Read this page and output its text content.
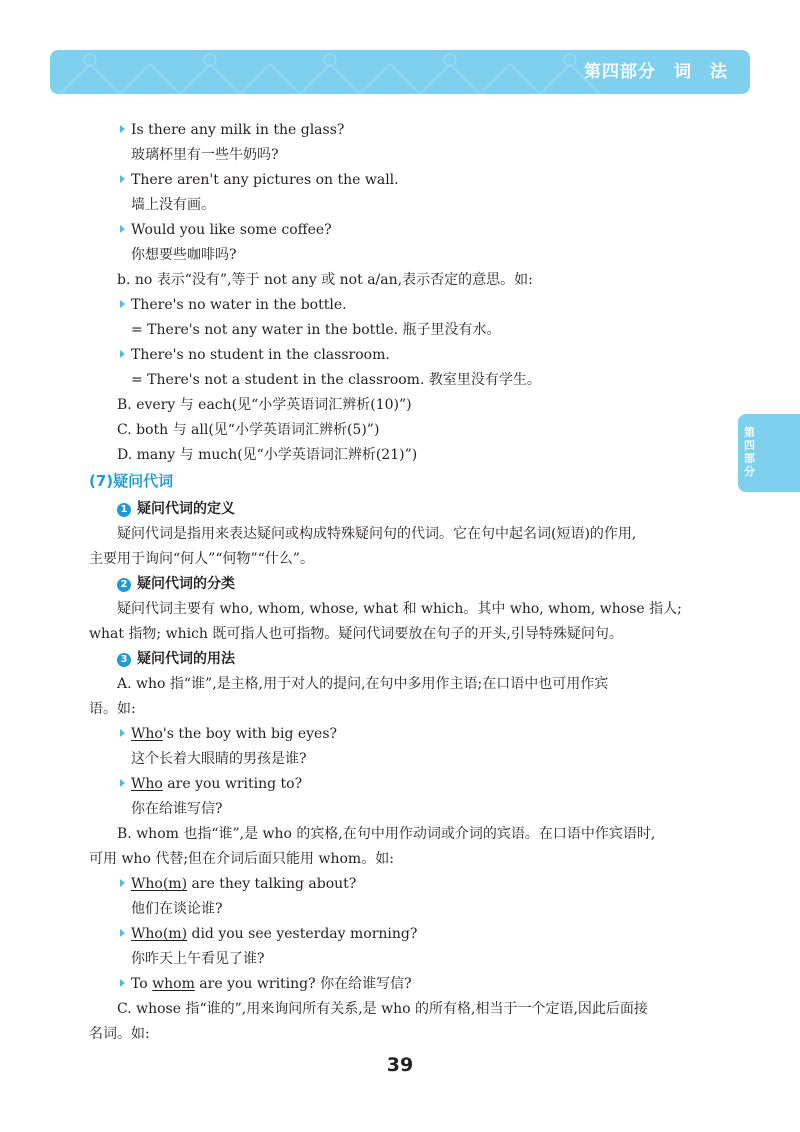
第四部分　词　法
第四部分
Is there any milk in the glass?
玻璃杯里有一些牛奶吗?
There aren't any pictures on the wall.
墙上没有画。
Would you like some coffee?
你想要些咖啡吗?
b. no 表示“没有”,等于 not any 或 not a/an,表示否定的意思。如:
There's no water in the bottle.
= There's not any water in the bottle. 瓶子里没有水。
There's no student in the classroom.
= There's not a student in the classroom. 教室里没有学生。
B. every 与 each(见“小学英语词汇辨析(10)”)
C. both 与 all(见“小学英语词汇辨析(5)”)
D. many 与 much(见“小学英语词汇辨析(21)”)
(7)疑问代词
1 疑问代词的定义
疑问代词是指用来表达疑问或构成特殊疑问句的代词。它在句中起名词(短语)的作用,
主要用于询问“何人”“何物”“什么”。
2 疑问代词的分类
疑问代词主要有 who, whom, whose, what 和 which。其中 who, whom, whose 指人;
what 指物; which 既可指人也可指物。疑问代词要放在句子的开头,引导特殊疑问句。
3 疑问代词的用法
A. who 指“谁”,是主格,用于对人的提问,在句中多用作主语;在口语中也可用作宾
语。如:
Who's the boy with big eyes?
这个长着大眼睛的男孩是谁?
Who are you writing to?
你在给谁写信?
B. whom 也指“谁”,是 who 的宾格,在句中用作动词或介词的宾语。在口语中作宾语时,
可用 who 代替;但在介词后面只能用 whom。如:
Who(m) are they talking about?
他们在谈论谁?
Who(m) did you see yesterday morning?
你昨天上午看见了谁?
To whom are you writing? 你在给谁写信?
C. whose 指“谁的”,用来询问所有关系,是 who 的所有格,相当于一个定语,因此后面接
名词。如:
39
